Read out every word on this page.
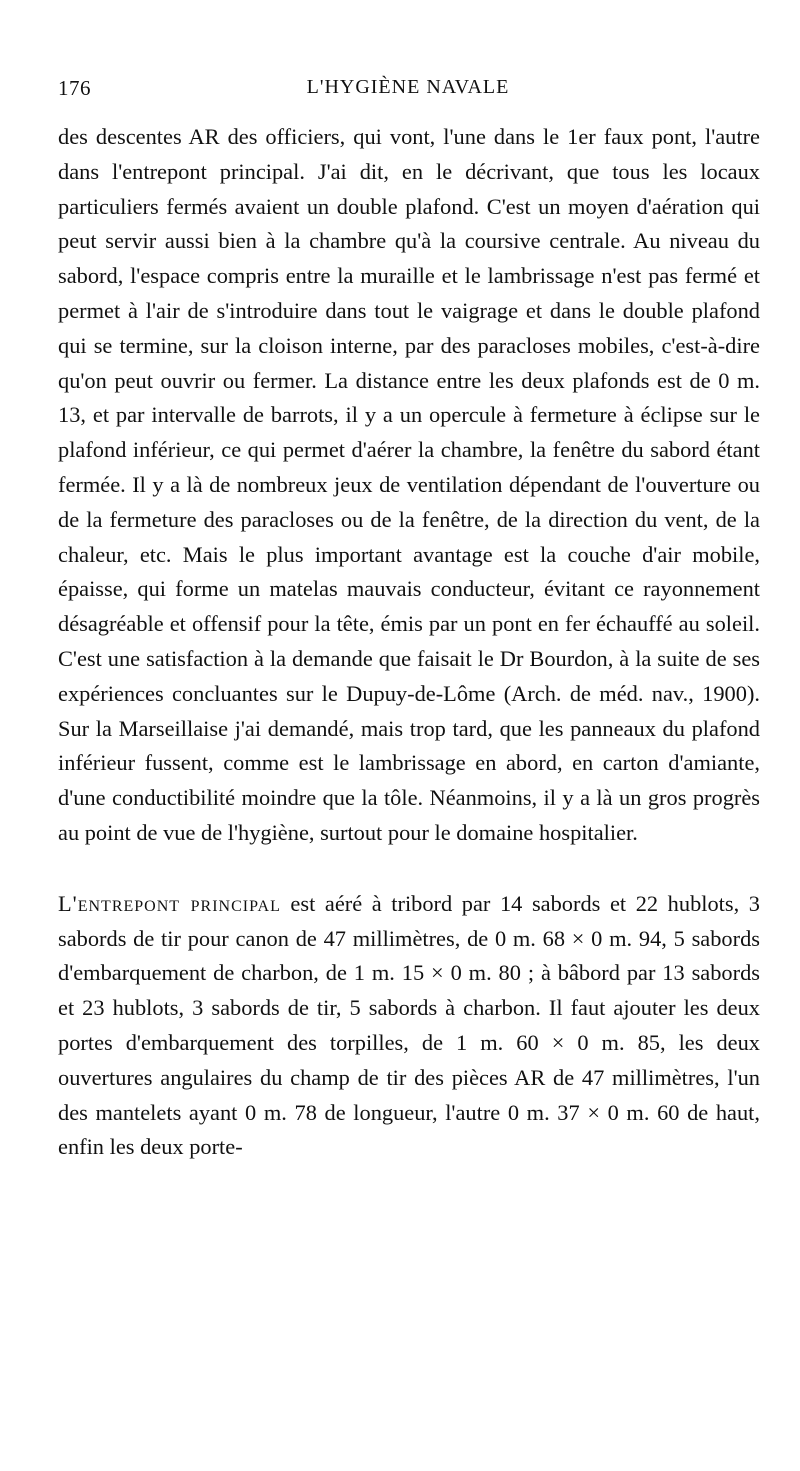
176	L'HYGIÈNE NAVALE

des descentes AR des officiers, qui vont, l'une dans le 1er faux pont, l'autre dans l'entrepont principal. J'ai dit, en le décrivant, que tous les locaux particuliers fermés avaient un double plafond. C'est un moyen d'aération qui peut servir aussi bien à la chambre qu'à la coursive centrale. Au niveau du sabord, l'espace compris entre la muraille et le lambrissage n'est pas fermé et permet à l'air de s'introduire dans tout le vaigrage et dans le double plafond qui se termine, sur la cloison interne, par des paracloses mobiles, c'est-à-dire qu'on peut ouvrir ou fermer. La distance entre les deux plafonds est de 0 m. 13, et par intervalle de barrots, il y a un opercule à fermeture à éclipse sur le plafond inférieur, ce qui permet d'aérer la chambre, la fenêtre du sabord étant fermée. Il y a là de nombreux jeux de ventilation dépendant de l'ouverture ou de la fermeture des paracloses ou de la fenêtre, de la direction du vent, de la chaleur, etc. Mais le plus important avantage est la couche d'air mobile, épaisse, qui forme un matelas mauvais conducteur, évitant ce rayonnement désagréable et offensif pour la tête, émis par un pont en fer échauffé au soleil. C'est une satisfaction à la demande que faisait le Dr Bourdon, à la suite de ses expériences concluantes sur le Dupuy-de-Lôme (Arch. de méd. nav., 1900). Sur la Marseillaise j'ai demandé, mais trop tard, que les panneaux du plafond inférieur fussent, comme est le lambrissage en abord, en carton d'amiante, d'une conductibilité moindre que la tôle. Néanmoins, il y a là un gros progrès au point de vue de l'hygiène, surtout pour le domaine hospitalier.

L'entrepont principal est aéré à tribord par 14 sabords et 22 hublots, 3 sabords de tir pour canon de 47 millimètres, de 0 m. 68 × 0 m. 94, 5 sabords d'embarquement de charbon, de 1 m. 15 × 0 m. 80 ; à bâbord par 13 sabords et 23 hublots, 3 sabords de tir, 5 sabords à charbon. Il faut ajouter les deux portes d'embarquement des torpilles, de 1 m. 60 × 0 m. 85, les deux ouvertures angulaires du champ de tir des pièces AR de 47 millimètres, l'un des mantelets ayant 0 m. 78 de longueur, l'autre 0 m. 37 × 0 m. 60 de haut, enfin les deux porte-
